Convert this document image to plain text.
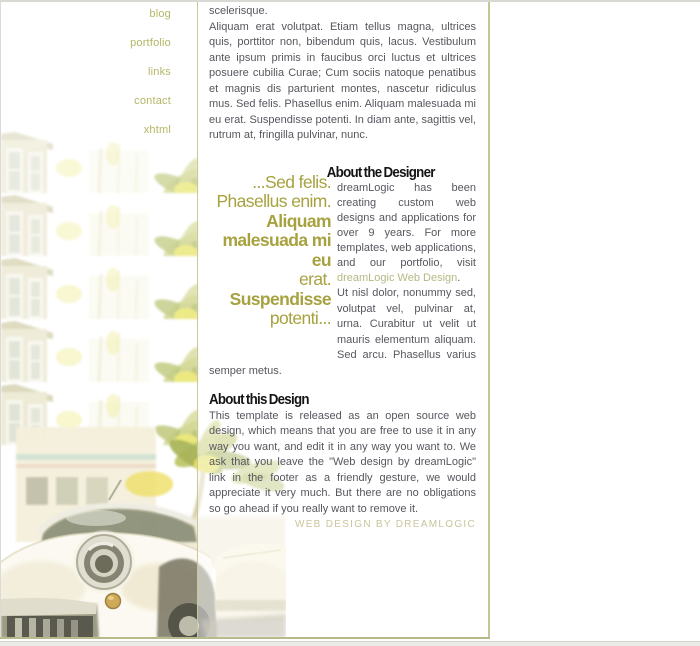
blog
portfolio
links
contact
xhtml

scelerisque.

Aliquam erat volutpat. Etiam tellus magna, ultrices quis, porttitor non, bibendum quis, lacus. Vestibulum ante ipsum primis in faucibus orci luctus et ultrices posuere cubilia Curae; Cum sociis natoque penatibus et magnis dis parturient montes, nascetur ridiculus mus. Sed felis. Phasellus enim. Aliquam malesuada mi eu erat. Suspendisse potenti. In diam ante, sagittis vel, rutrum at, fringilla pulvinar, nunc.

...Sed felis.
Phasellus enim.
Aliquam
malesuada mi eu
erat.
Suspendisse
potenti...
About the Designer

dreamLogic has been creating custom web designs and applications for over 9 years. For more templates, web applications, and our portfolio, visit dreamLogic Web Design.

Ut nisl dolor, nonummy sed, volutpat vel, pulvinar at, urna. Curabitur ut velit ut mauris elementum aliquam. Sed arcu. Phasellus varius semper metus.

About this Design

This template is released as an open source web design, which means that you are free to use it in any way you want, and edit it in any way you want to. We ask that you leave the "Web design by dreamLogic" link in the footer as a friendly gesture, we would appreciate it very much. But there are no obligations so go ahead if you really want to remove it.

WEB DESIGN BY DREAMLOGIC
